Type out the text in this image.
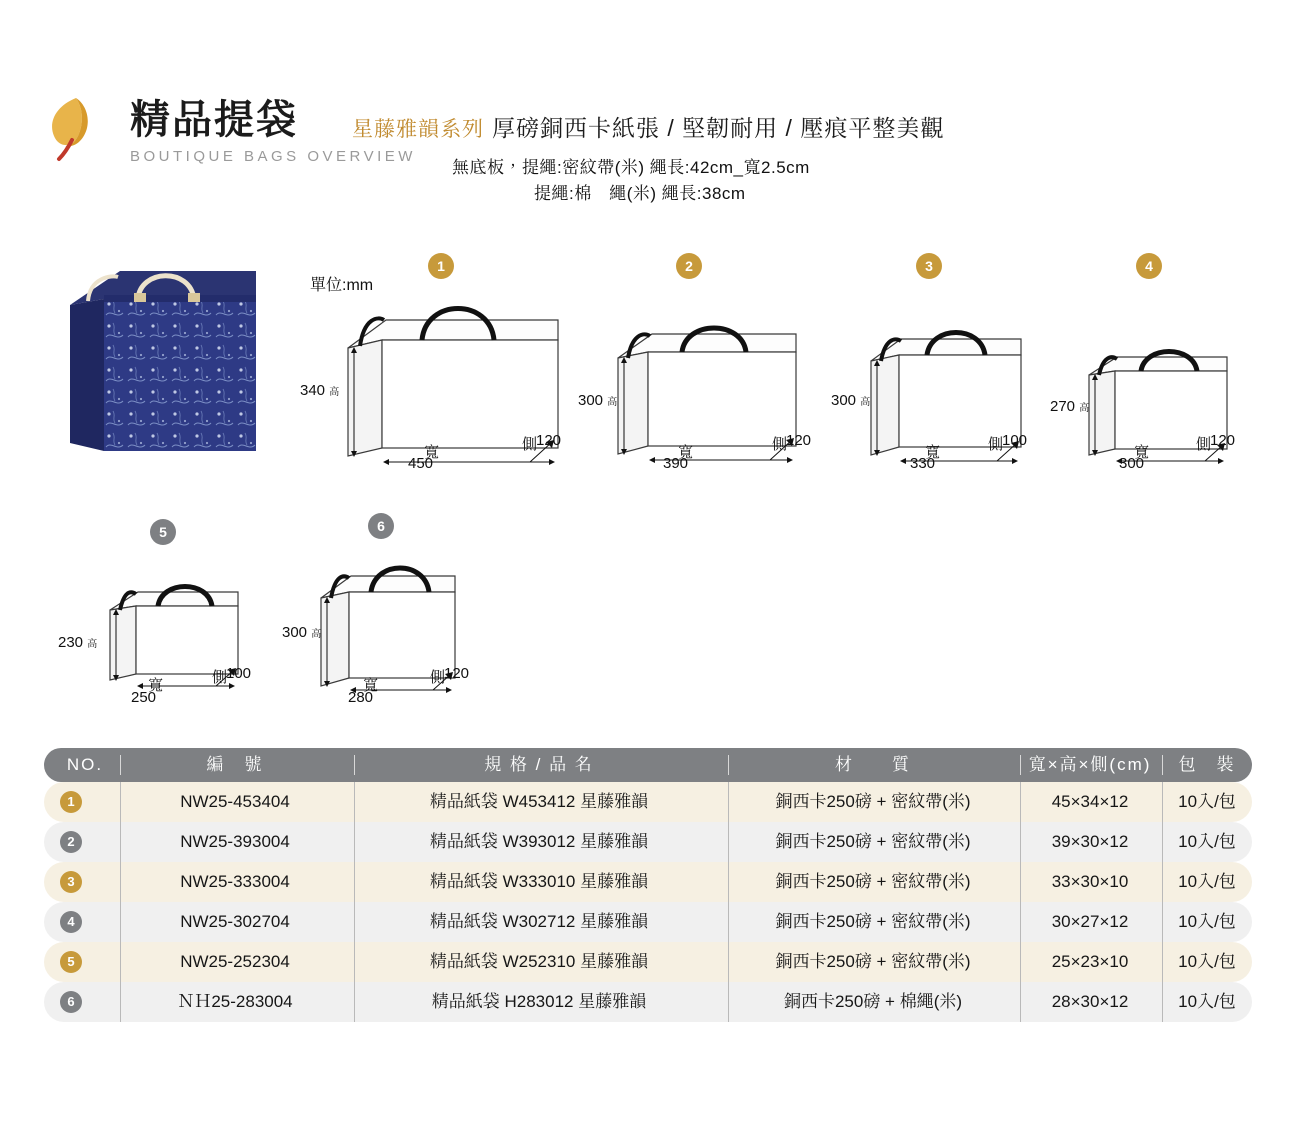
精品提袋
BOUTIQUE BAGS OVERVIEW
星藤雅韻系列 厚磅銅西卡紙張 / 堅韌耐用 / 壓痕平整美觀
無底板，提繩:密紋帶(米) 繩長:42cm_寬2.5cm
提繩:棉　繩(米) 繩長:38cm
單位:mm
1
340 高
寬
450
側
120
2
300 高
寬
390
側
120
3
300 高
寬
330
側
100
4
270 高
寬
300
側
120
5
230 高
寬
250
側
100
6
300 高
寬
280
側
120
NO.	編　號	規 格 / 品 名	材　　質	寬×高×側(cm)	包　裝
1	NW25-453404	精品紙袋 W453412 星藤雅韻	銅西卡250磅 + 密紋帶(米)	45×34×12	10入/包
2	NW25-393004	精品紙袋 W393012 星藤雅韻	銅西卡250磅 + 密紋帶(米)	39×30×12	10入/包
3	NW25-333004	精品紙袋 W333010 星藤雅韻	銅西卡250磅 + 密紋帶(米)	33×30×10	10入/包
4	NW25-302704	精品紙袋 W302712 星藤雅韻	銅西卡250磅 + 密紋帶(米)	30×27×12	10入/包
5	NW25-252304	精品紙袋 W252310 星藤雅韻	銅西卡250磅 + 密紋帶(米)	25×23×10	10入/包
6	ＮＨ25-283004	精品紙袋 H283012 星藤雅韻	銅西卡250磅 + 棉繩(米)	28×30×12	10入/包
